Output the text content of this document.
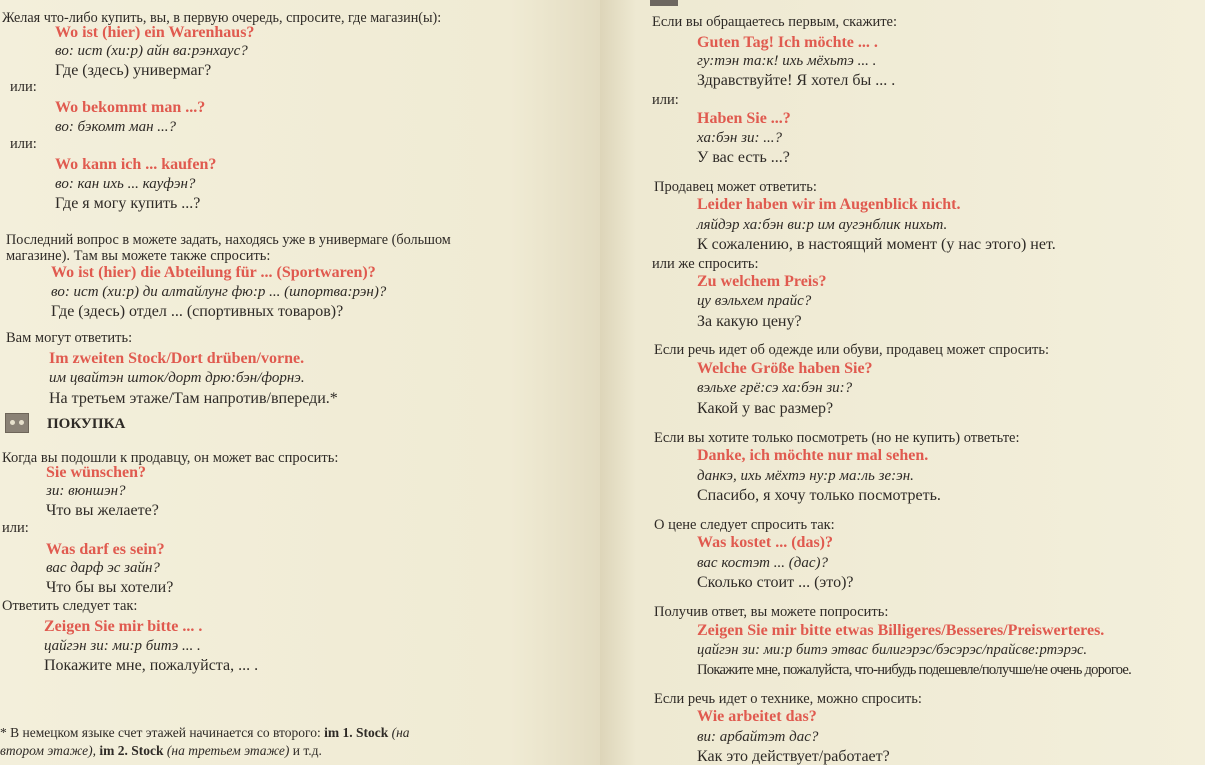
Желая что-либо купить, вы, в первую очередь, спросите, где магазин(ы):
Wo ist (hier) ein Warenhaus?
во: ист (хи:р) айн ва:рэнхаус?
Где (здесь) универмаг?
или:
Wo bekommt man ...?
во: бэкомт ман ...?
или:
Wo kann ich ... kaufen?
во: кан ихь ... кауфэн?
Где я могу купить ...?
Последний вопрос в можете задать, находясь уже в универмаге (большом
магазине). Там вы можете также спросить:
Wo ist (hier) die Abteilung für ... (Sportwaren)?
во: ист (хи:р) ди алтайлунг фю:р ... (шпортва:рэн)?
Где (здесь) отдел ... (спортивных товаров)?
Вам могут ответить:
Im zweiten Stock/Dort drüben/vorne.
им цвайтэн шток/дорт дрю:бэн/форнэ.
На третьем этаже/Там напротив/впереди.*
ПОКУПКА
Когда вы подошли к продавцу, он может вас спросить:
Sie wünschen?
зи: вюншэн?
Что вы желаете?
или:
Was darf es sein?
вас дарф эс зайн?
Что бы вы хотели?
Ответить следует так:
Zeigen Sie mir bitte ... .
цайгэн зи: ми:р битэ ... .
Покажите мне, пожалуйста, ... .
* В немецком языке счет этажей начинается со второго: im 1. Stock (на
втором этаже), im 2. Stock (на третьем этаже) и т.д.
Если вы обращаетесь первым, скажите:
Guten Tag! Ich möchte ... .
гу:тэн та:к! ихь мёхьтэ ... .
Здравствуйте! Я хотел бы ... .
или:
Haben Sie ...?
ха:бэн зи: ...?
У вас есть ...?
Продавец может ответить:
Leider haben wir im Augenblick nicht.
ляйдэр ха:бэн ви:р им аугэнблик нихьт.
К сожалению, в настоящий момент (у нас этого) нет.
или же спросить:
Zu welchem Preis?
цу вэльхем прайс?
За какую цену?
Если речь идет об одежде или обуви, продавец может спросить:
Welche Größe haben Sie?
вэльхе грё:сэ ха:бэн зи:?
Какой у вас размер?
Если вы хотите только посмотреть (но не купить) ответьте:
Danke, ich möchte nur mal sehen.
данкэ, ихь мёхтэ ну:р ма:ль зе:эн.
Спасибо, я хочу только посмотреть.
О цене следует спросить так:
Was kostet ... (das)?
вас костэт ... (дас)?
Сколько стоит ... (это)?
Получив ответ, вы можете попросить:
Zeigen Sie mir bitte etwas Billigeres/Besseres/Preiswerteres.
цайгэн зи: ми:р битэ этвас билигэрэс/бэсэрэс/прайсве:ртэрэс.
Покажите мне, пожалуйста, что-нибудь подешевле/получше/не очень дорогое.
Если речь идет о технике, можно спросить:
Wie arbeitet das?
ви: арбайтэт дас?
Как это действует/работает?
